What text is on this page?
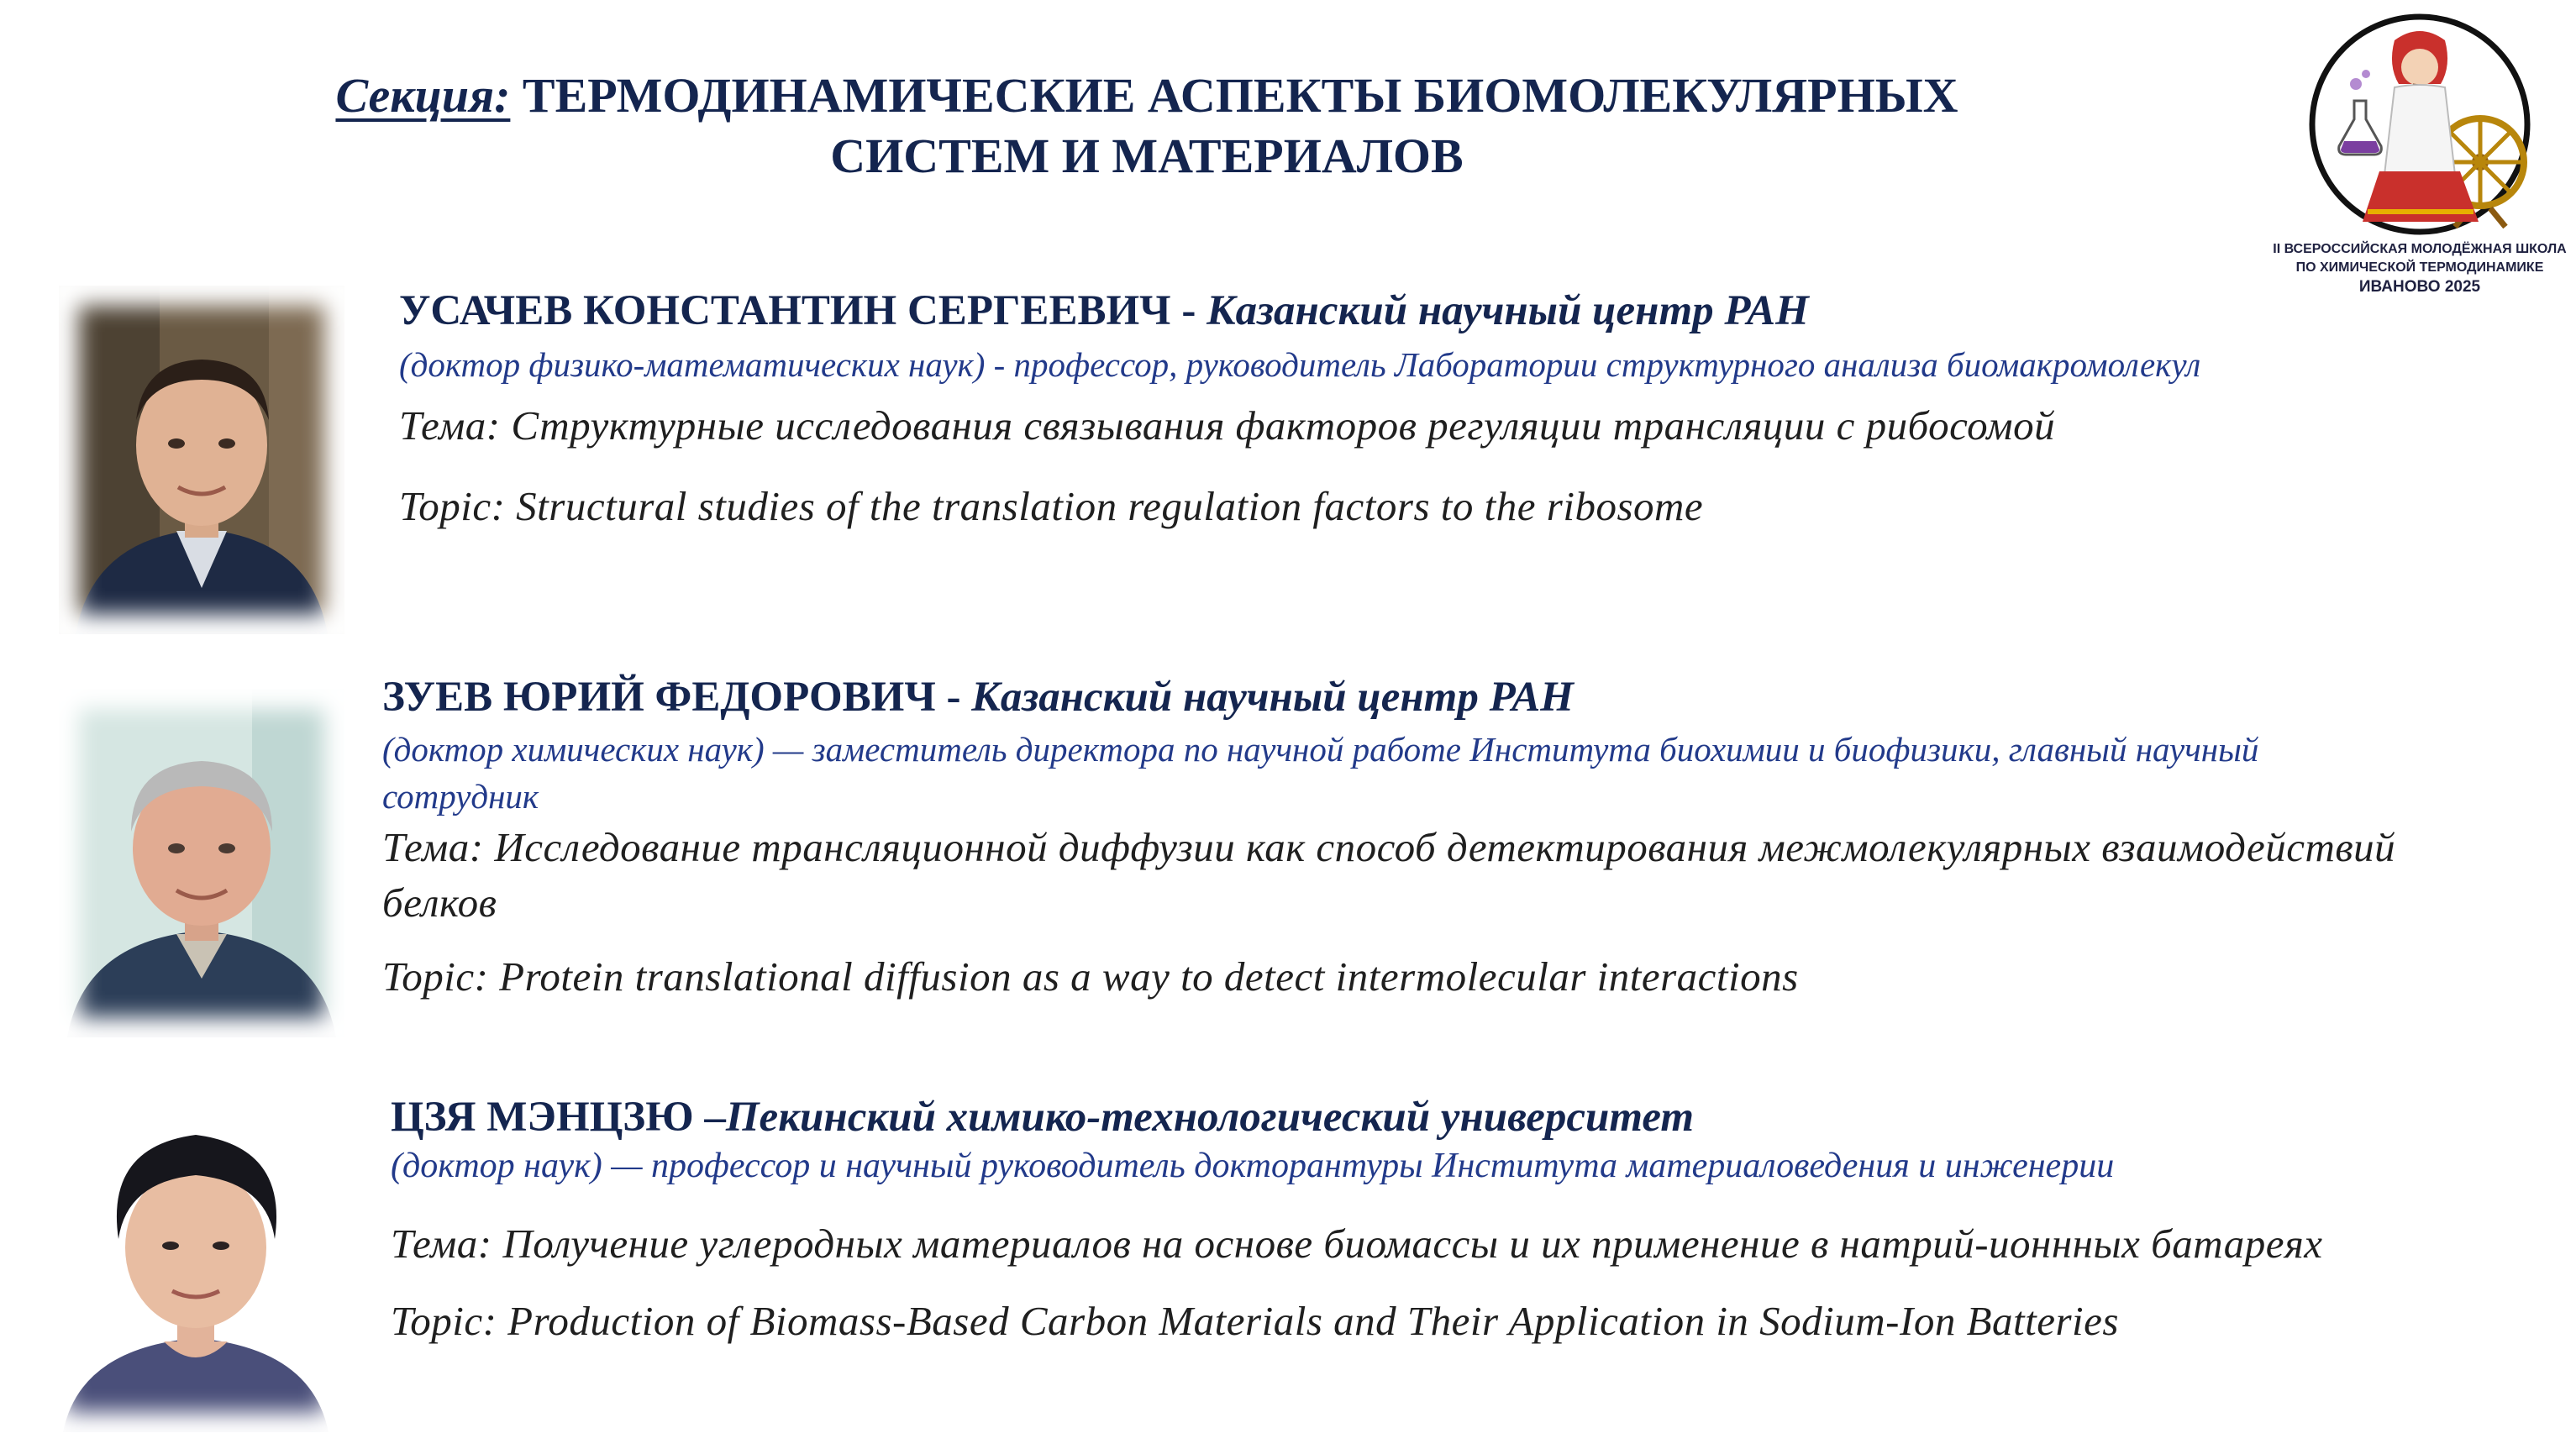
Секция: ТЕРМОДИНАМИЧЕСКИЕ АСПЕКТЫ БИОМОЛЕКУЛЯРНЫХ
СИСТЕМ И МАТЕРИАЛОВ
II ВСЕРОССИЙСКАЯ МОЛОДЁЖНАЯ ШКОЛА
ПО ХИМИЧЕСКОЙ ТЕРМОДИНАМИКЕ
ИВАНОВО 2025
УСАЧЕВ КОНСТАНТИН СЕРГЕЕВИЧ - Казанский научный центр РАН
(доктор физико-математических наук) - профессор, руководитель Лаборатории структурного анализа биомакромолекул
Тема: Структурные исследования связывания факторов регуляции трансляции с рибосомой
Topic: Structural studies of the translation regulation factors to the ribosome
ЗУЕВ ЮРИЙ ФЕДОРОВИЧ - Казанский научный центр РАН
(доктор химических наук) — заместитель директора по научной работе Института биохимии и биофизики, главный научный сотрудник
Тема: Исследование трансляционной диффузии как способ детектирования межмолекулярных взаимодействий белков
Topic: Protein translational diffusion as a way to detect intermolecular interactions
ЦЗЯ МЭНЦЗЮ –Пекинский химико-технологический университет
(доктор наук) — профессор и научный руководитель докторантуры Института материаловедения и инженерии
Тема: Получение углеродных материалов на основе биомассы и их применение в натрий-ионнных батареях
Topic: Production of Biomass-Based Carbon Materials and Their Application in Sodium-Ion Batteries
